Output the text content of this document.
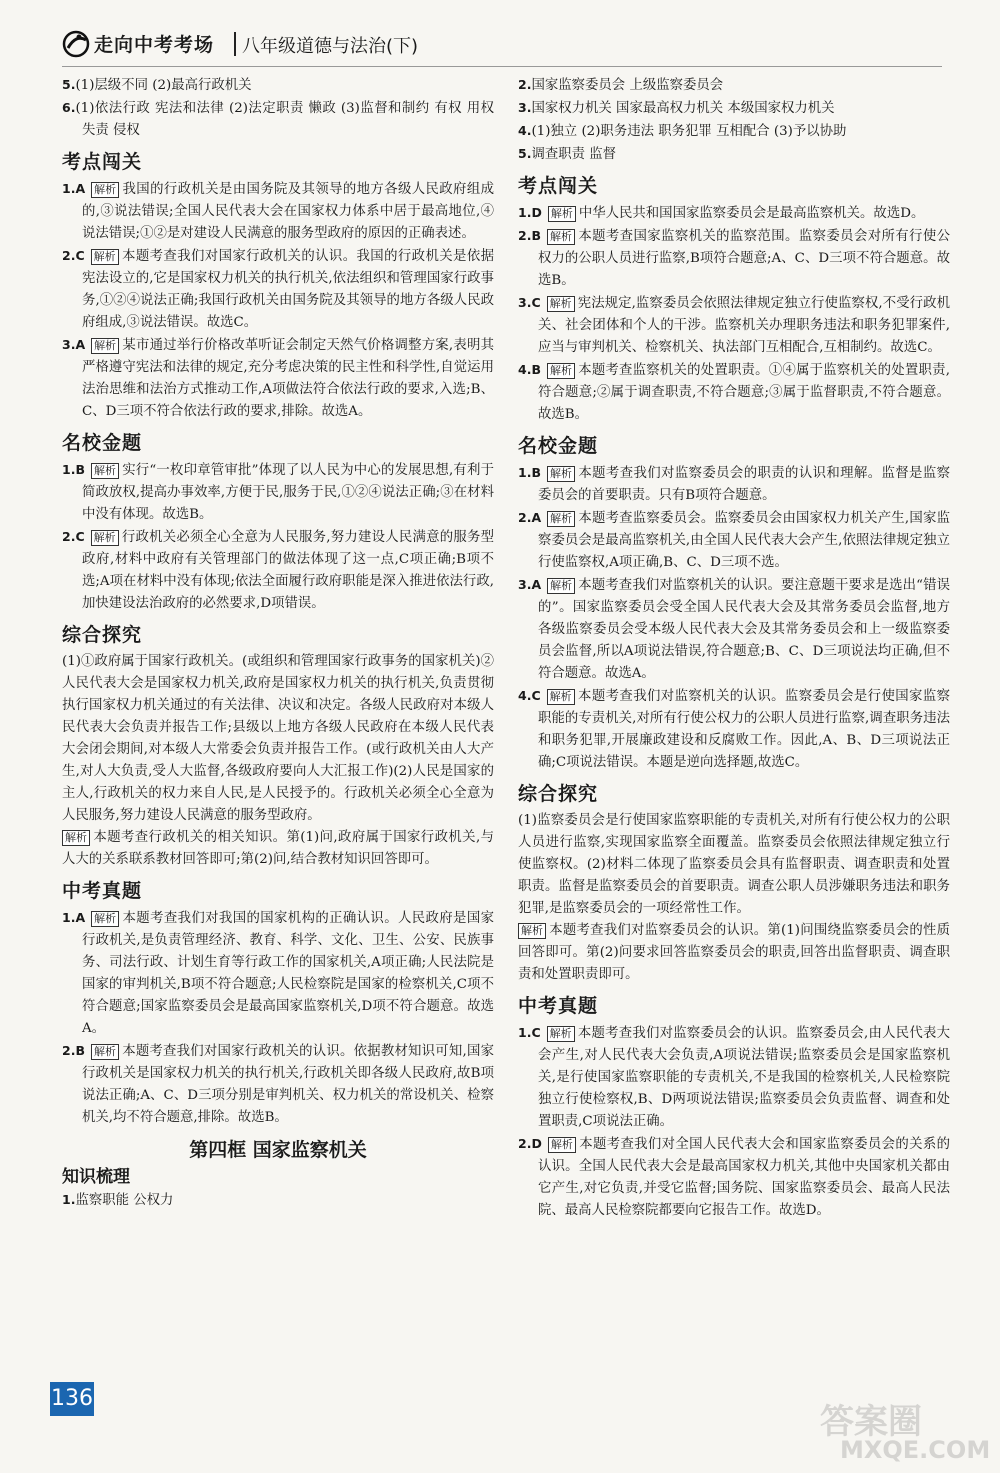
走向中考考场 八年级道德与法治(下)

5.(1)层级不同 (2)最高行政机关

6.(1)依法行政 宪法和法律 (2)法定职责 懒政 (3)监督和制约 有权 用权 失责 侵权

考点闯关

1.A 解析 我国的行政机关是由国务院及其领导的地方各级人民政府组成的,③说法错误;全国人民代表大会在国家权力体系中居于最高地位,④说法错误;①②是对建设人民满意的服务型政府的原因的正确表述。

2.C 解析 本题考查我们对国家行政机关的认识。我国的行政机关是依据宪法设立的,它是国家权力机关的执行机关,依法组织和管理国家行政事务,①②④说法正确;我国行政机关由国务院及其领导的地方各级人民政府组成,③说法错误。故选C。

3.A 解析 某市通过举行价格改革听证会制定天然气价格调整方案,表明其严格遵守宪法和法律的规定,充分考虑决策的民主性和科学性,自觉运用法治思维和法治方式推动工作,A项做法符合依法行政的要求,入选;B、C、D三项不符合依法行政的要求,排除。故选A。

名校金题

1.B 解析 实行“一枚印章管审批”体现了以人民为中心的发展思想,有利于简政放权,提高办事效率,方便于民,服务于民,①②④说法正确;③在材料中没有体现。故选B。

2.C 解析 行政机关必须全心全意为人民服务,努力建设人民满意的服务型政府,材料中政府有关管理部门的做法体现了这一点,C项正确;B项不选;A项在材料中没有体现;依法全面履行政府职能是深入推进依法行政,加快建设法治政府的必然要求,D项错误。

综合探究

(1)①政府属于国家行政机关。(或组织和管理国家行政事务的国家机关)②人民代表大会是国家权力机关,政府是国家权力机关的执行机关,负责贯彻执行国家权力机关通过的有关法律、决议和决定。各级人民政府对本级人民代表大会负责并报告工作;县级以上地方各级人民政府在本级人民代表大会闭会期间,对本级人大常委会负责并报告工作。(或行政机关由人大产生,对人大负责,受人大监督,各级政府要向人大汇报工作)(2)人民是国家的主人,行政机关的权力来自人民,是人民授予的。行政机关必须全心全意为人民服务,努力建设人民满意的服务型政府。

解析 本题考查行政机关的相关知识。第(1)问,政府属于国家行政机关,与人大的关系联系教材回答即可;第(2)问,结合教材知识回答即可。

中考真题

1.A 解析 本题考查我们对我国的国家机构的正确认识。人民政府是国家行政机关,是负责管理经济、教育、科学、文化、卫生、公安、民族事务、司法行政、计划生育等行政工作的国家机关,A项正确;人民法院是国家的审判机关,B项不符合题意;人民检察院是国家的检察机关,C项不符合题意;国家监察委员会是最高国家监察机关,D项不符合题意。故选A。

2.B 解析 本题考查我们对国家行政机关的认识。依据教材知识可知,国家行政机关是国家权力机关的执行机关,行政机关即各级人民政府,故B项说法正确;A、C、D三项分别是审判机关、权力机关的常设机关、检察机关,均不符合题意,排除。故选B。

第四框 国家监察机关
知识梳理

1.监察职能 公权力

2.国家监察委员会 上级监察委员会

3.国家权力机关 国家最高权力机关 本级国家权力机关

4.(1)独立 (2)职务违法 职务犯罪 互相配合 (3)予以协助

5.调查职责 监督

考点闯关

1.D 解析 中华人民共和国国家监察委员会是最高监察机关。故选D。

2.B 解析 本题考查国家监察机关的监察范围。监察委员会对所有行使公权力的公职人员进行监察,B项符合题意;A、C、D三项不符合题意。故选B。

3.C 解析 宪法规定,监察委员会依照法律规定独立行使监察权,不受行政机关、社会团体和个人的干涉。监察机关办理职务违法和职务犯罪案件,应当与审判机关、检察机关、执法部门互相配合,互相制约。故选C。

4.B 解析 本题考查监察机关的处置职责。①④属于监察机关的处置职责,符合题意;②属于调查职责,不符合题意;③属于监督职责,不符合题意。故选B。

名校金题

1.B 解析 本题考查我们对监察委员会的职责的认识和理解。监督是监察委员会的首要职责。只有B项符合题意。

2.A 解析 本题考查监察委员会。监察委员会由国家权力机关产生,国家监察委员会是最高监察机关,由全国人民代表大会产生,依照法律规定独立行使监察权,A项正确,B、C、D三项不选。

3.A 解析 本题考查我们对监察机关的认识。要注意题干要求是选出“错误的”。国家监察委员会受全国人民代表大会及其常务委员会监督,地方各级监察委员会受本级人民代表大会及其常务委员会和上一级监察委员会监督,所以A项说法错误,符合题意;B、C、D三项说法均正确,但不符合题意。故选A。

4.C 解析 本题考查我们对监察机关的认识。监察委员会是行使国家监察职能的专责机关,对所有行使公权力的公职人员进行监察,调查职务违法和职务犯罪,开展廉政建设和反腐败工作。因此,A、B、D三项说法正确;C项说法错误。本题是逆向选择题,故选C。

综合探究

(1)监察委员会是行使国家监察职能的专责机关,对所有行使公权力的公职人员进行监察,实现国家监察全面覆盖。监察委员会依照法律规定独立行使监察权。(2)材料二体现了监察委员会具有监督职责、调查职责和处置职责。监督是监察委员会的首要职责。调查公职人员涉嫌职务违法和职务犯罪,是监察委员会的一项经常性工作。

解析 本题考查我们对监察委员会的认识。第(1)问围绕监察委员会的性质回答即可。第(2)问要求回答监察委员会的职责,回答出监督职责、调查职责和处置职责即可。

中考真题

1.C 解析 本题考查我们对监察委员会的认识。监察委员会,由人民代表大会产生,对人民代表大会负责,A项说法错误;监察委员会是国家监察机关,是行使国家监察职能的专责机关,不是我国的检察机关,人民检察院独立行使检察权,B、D两项说法错误;监察委员会负责监督、调查和处置职责,C项说法正确。

2.D 解析 本题考查我们对全国人民代表大会和国家监察委员会的关系的认识。全国人民代表大会是最高国家权力机关,其他中央国家机关都由它产生,对它负责,并受它监督;国务院、国家监察委员会、最高人民法院、最高人民检察院都要向它报告工作。故选D。

136
答案圈
MXQE.COM
